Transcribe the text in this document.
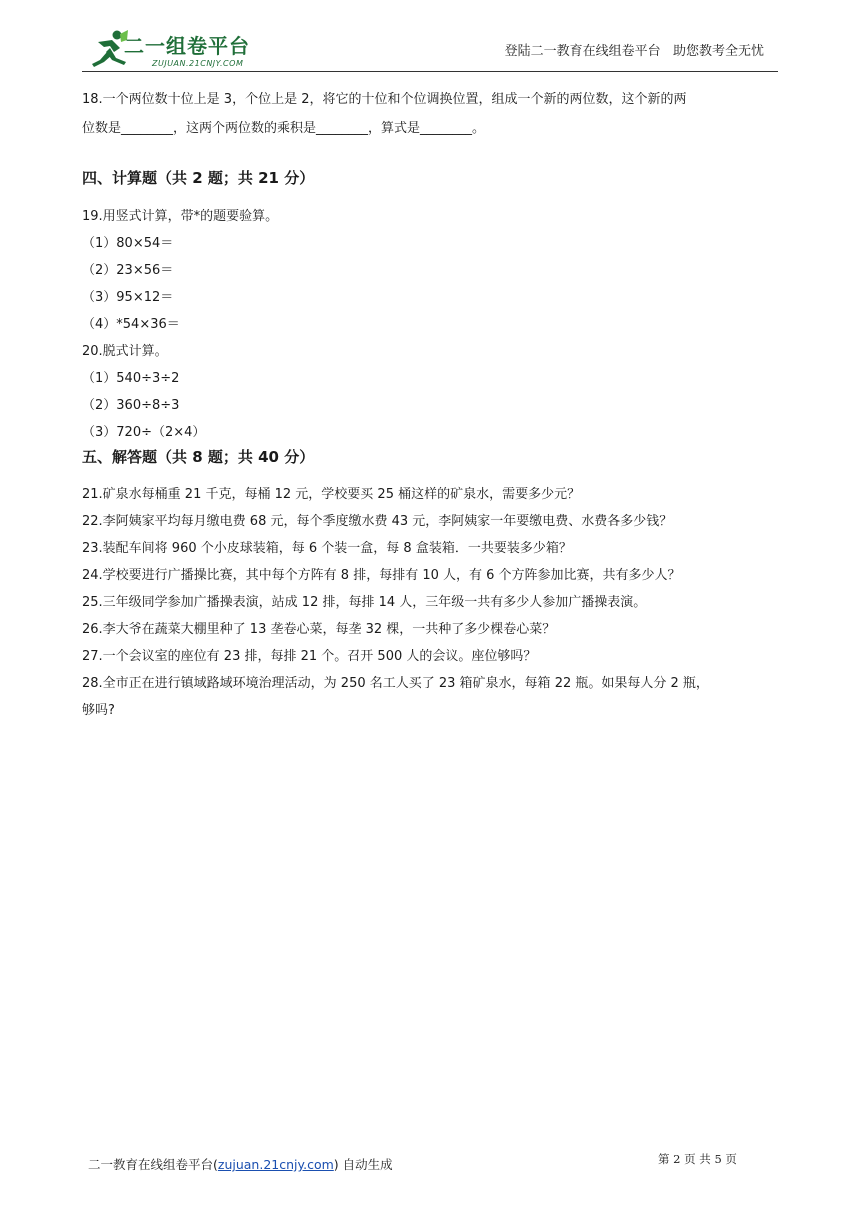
二一组卷平台
ZUJUAN.21CNJY.COM
登陆二一教育在线组卷平台   助您教考全无忧
18.一个两位数十位上是 3，个位上是 2，将它的十位和个位调换位置，组成一个新的两位数，这个新的两
位数是________，这两个两位数的乘积是________，算式是________。
四、计算题（共 2 题；共 21 分）
19.用竖式计算，带*的题要验算。
（1）80×54＝
（2）23×56＝
（3）95×12＝
（4）*54×36＝
20.脱式计算。
（1）540÷3÷2
（2）360÷8÷3
（3）720÷（2×4）
五、解答题（共 8 题；共 40 分）
21.矿泉水每桶重 21 千克，每桶 12 元，学校要买 25 桶这样的矿泉水，需要多少元？
22.李阿姨家平均每月缴电费 68 元，每个季度缴水费 43 元，李阿姨家一年要缴电费、水费各多少钱？
23.装配车间将 960 个小皮球装箱，每 6 个装一盒，每 8 盒装箱．一共要装多少箱？
24.学校要进行广播操比赛，其中每个方阵有 8 排，每排有 10 人，有 6 个方阵参加比赛，共有多少人？
25.三年级同学参加广播操表演，站成 12 排，每排 14 人，三年级一共有多少人参加广播操表演。
26.李大爷在蔬菜大棚里种了 13 垄卷心菜，每垄 32 棵，一共种了多少棵卷心菜？
27.一个会议室的座位有 23 排，每排 21 个。召开 500 人的会议。座位够吗？
28.全市正在进行镇域路域环境治理活动，为 250 名工人买了 23 箱矿泉水，每箱 22 瓶。如果每人分 2 瓶，
够吗?
二一教育在线组卷平台(zujuan.21cnjy.com) 自动生成	第 2 页 共 5 页
